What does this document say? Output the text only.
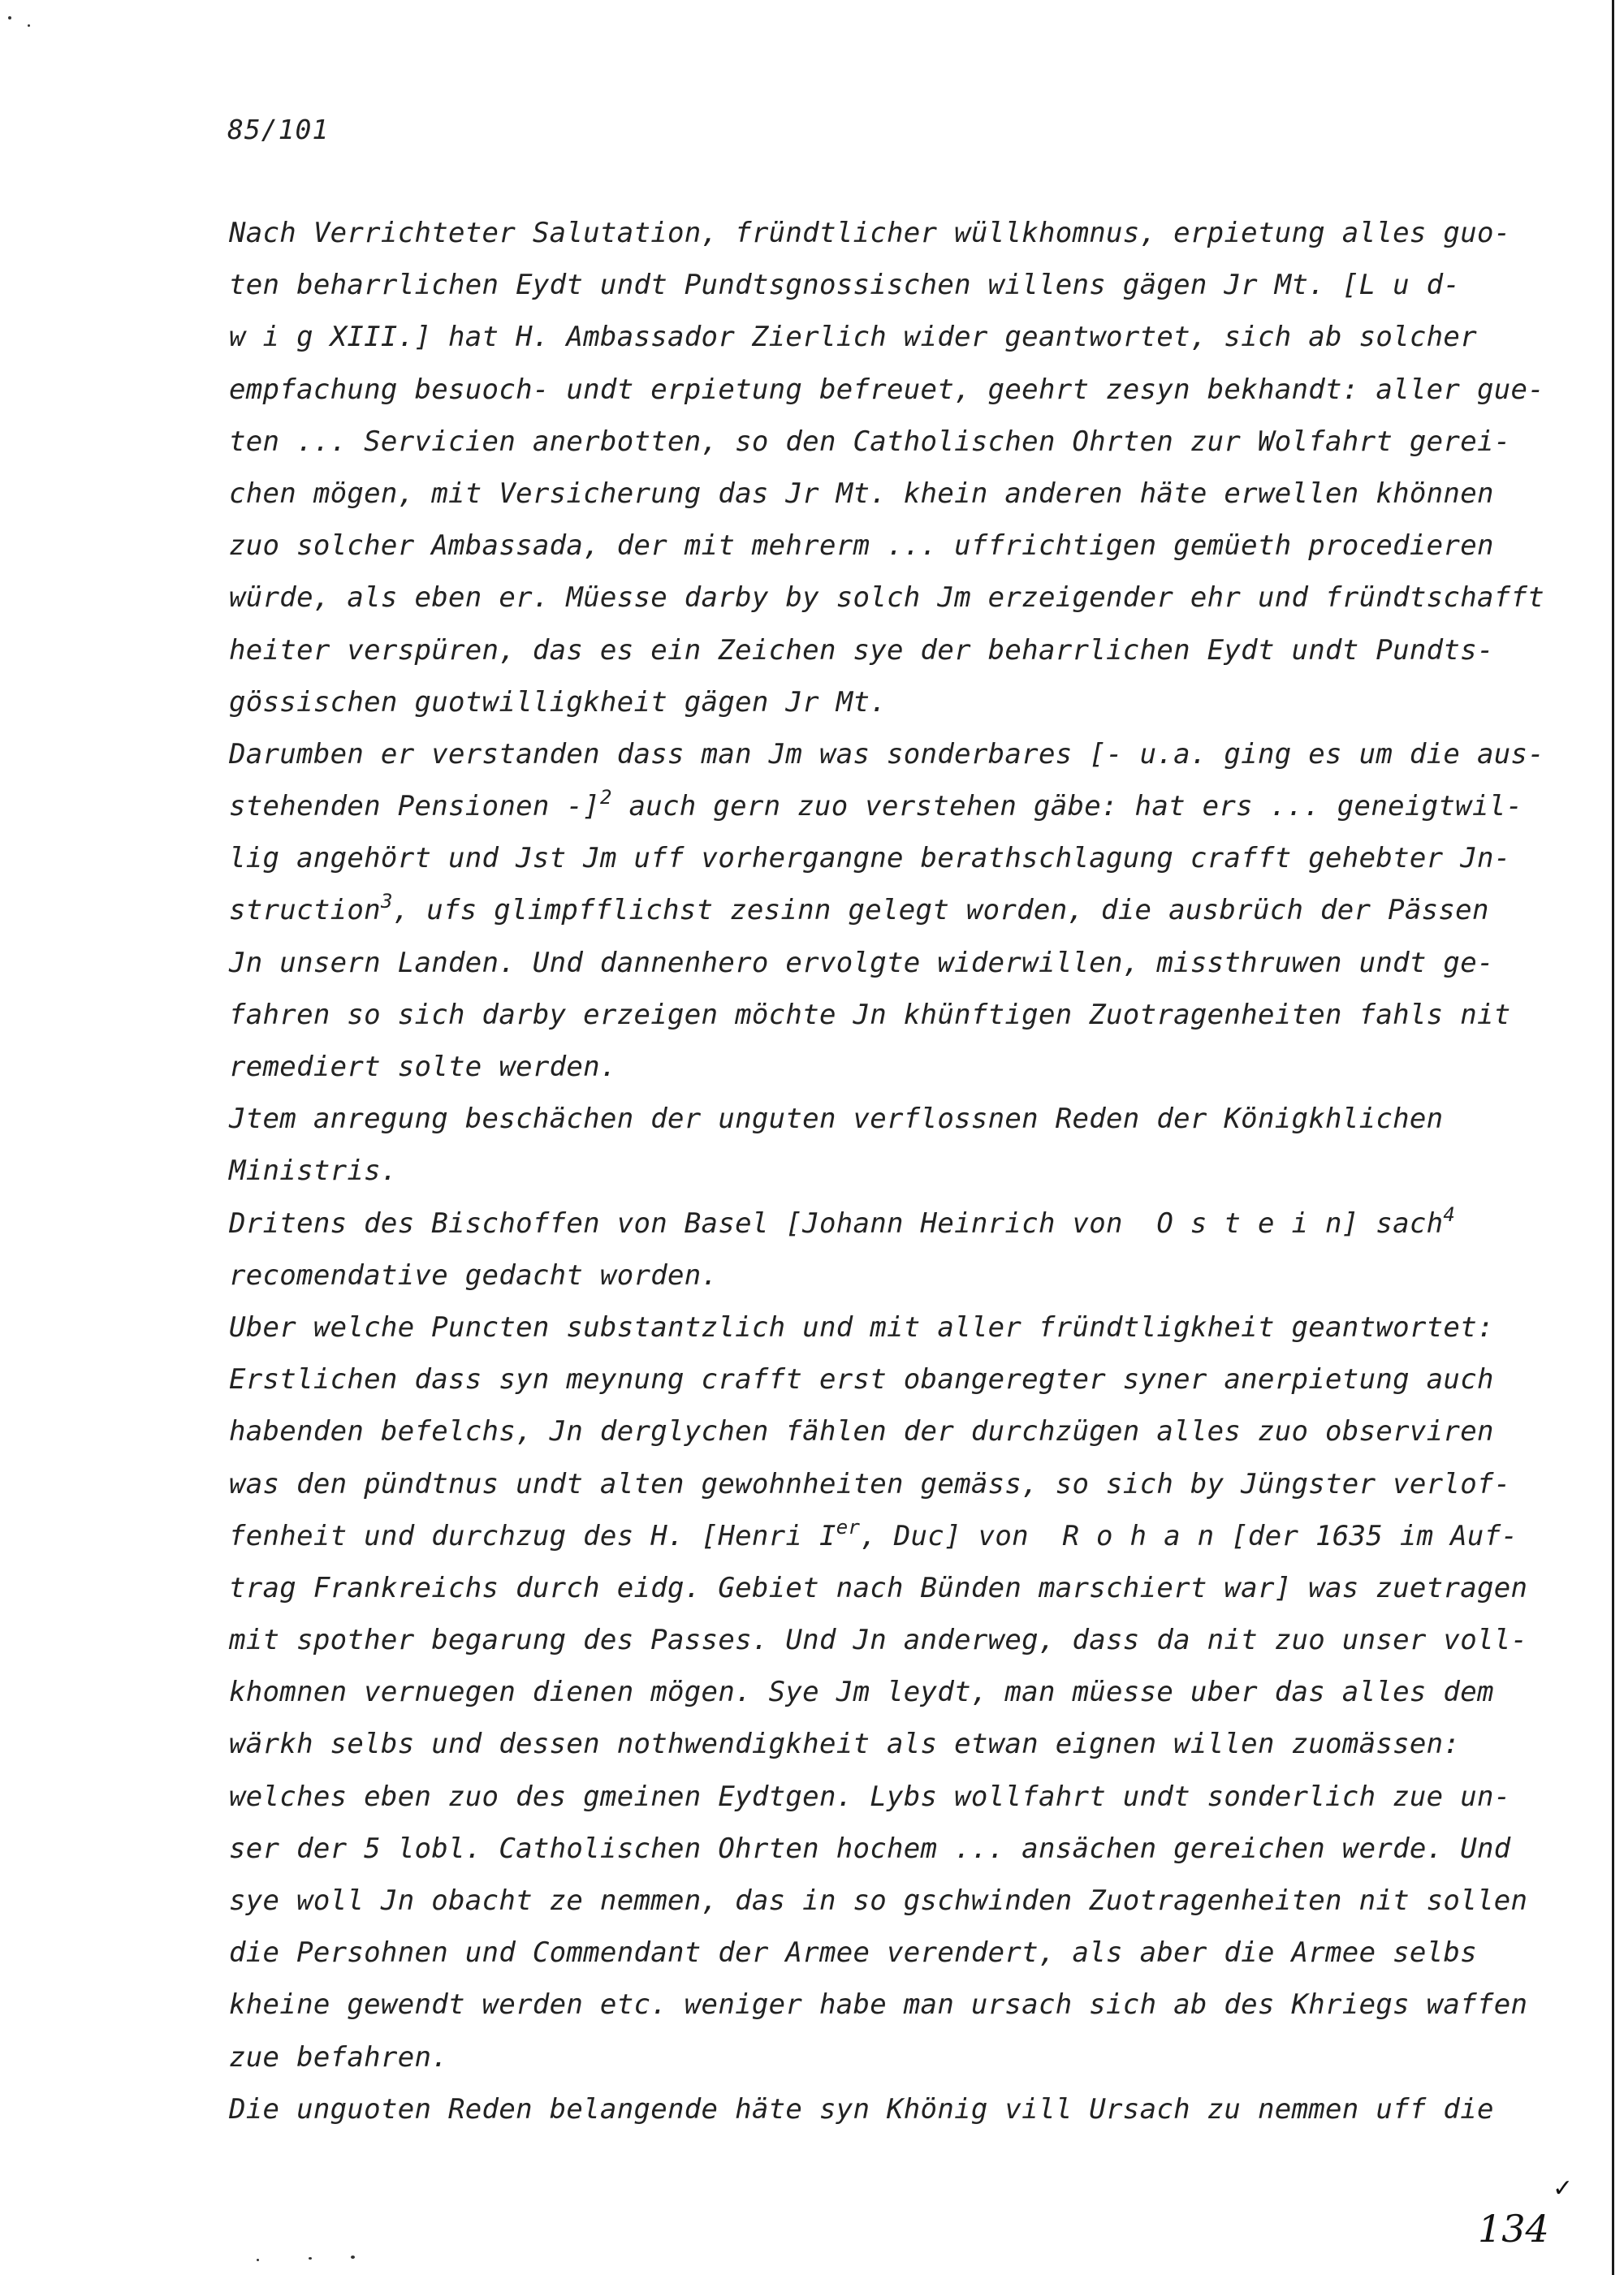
85/101
Nach Verrichteter Salutation, fründtlicher wüllkhomnus, erpietung alles guo-
ten beharrlichen Eydt undt Pundtsgnossischen willens gägen Jr Mt. [L u d-
w i g XIII.] hat H. Ambassador Zierlich wider geantwortet, sich ab solcher
empfachung besuoch- undt erpietung befreuet, geehrt zesyn bekhandt: aller gue-
ten ... Servicien anerbotten, so den Catholischen Ohrten zur Wolfahrt gerei-
chen mögen, mit Versicherung das Jr Mt. khein anderen häte erwellen khönnen
zuo solcher Ambassada, der mit mehrerm ... uffrichtigen gemüeth procedieren
würde, als eben er. Müesse darby by solch Jm erzeigender ehr und fründtschafft
heiter verspüren, das es ein Zeichen sye der beharrlichen Eydt undt Pundts-
gössischen guotwilligkheit gägen Jr Mt.
Darumben er verstanden dass man Jm was sonderbares [- u.a. ging es um die aus-
stehenden Pensionen -]$^2$ auch gern zuo verstehen gäbe: hat ers ... geneigtwil-
lig angehört und Jst Jm uff vorhergangne berathschlagung crafft gehebter Jn-
struction$^3$, ufs glimpfflichst zesinn gelegt worden, die ausbrüch der Pässen
Jn unsern Landen. Und dannenhero ervolgte widerwillen, missthruwen undt ge-
fahren so sich darby erzeigen möchte Jn khünftigen Zuotragenheiten fahls nit
remediert solte werden.
Jtem anregung beschächen der unguten verflossnen Reden der Königkhlichen
Ministris.
Dritens des Bischoffen von Basel [Johann Heinrich von  O s t e i n] sach$^4$
recomendative gedacht worden.
Uber welche Puncten substantzlich und mit aller fründtligkheit geantwortet:
Erstlichen dass syn meynung crafft erst obangeregter syner anerpietung auch
habenden befelchs, Jn derglychen fählen der durchzügen alles zuo observiren
was den pündtnus undt alten gewohnheiten gemäss, so sich by Jüngster verlof-
fenheit und durchzug des H. [Henri Ier, Duc] von  R o h a n [der 1635 im Auf-
trag Frankreichs durch eidg. Gebiet nach Bünden marschiert war] was zuetragen
mit spother begarung des Passes. Und Jn anderweg, dass da nit zuo unser voll-
khomnen vernuegen dienen mögen. Sye Jm leydt, man müesse uber das alles dem
wärkh selbs und dessen nothwendigkheit als etwan eignen willen zuomässen:
welches eben zuo des gmeinen Eydtgen. Lybs wollfahrt undt sonderlich zue un-
ser der 5 lobl. Catholischen Ohrten hochem ... ansächen gereichen werde. Und
sye woll Jn obacht ze nemmen, das in so gschwinden Zuotragenheiten nit sollen
die Persohnen und Commendant der Armee verendert, als aber die Armee selbs
kheine gewendt werden etc. weniger habe man ursach sich ab des Khriegs waffen
zue befahren.
Die unguoten Reden belangende häte syn Khönig vill Ursach zu nemmen uff die
✓
134
